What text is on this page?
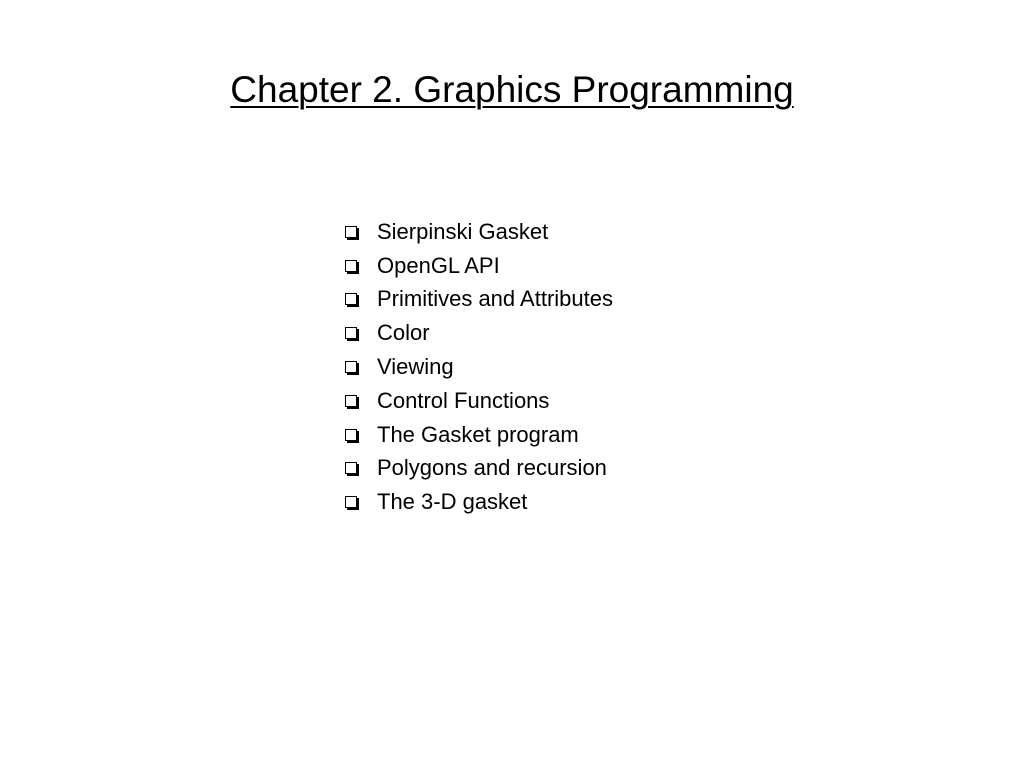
Chapter 2. Graphics Programming
Sierpinski Gasket
OpenGL API
Primitives and Attributes
Color
Viewing
Control Functions
The Gasket program
Polygons and recursion
The 3-D gasket
